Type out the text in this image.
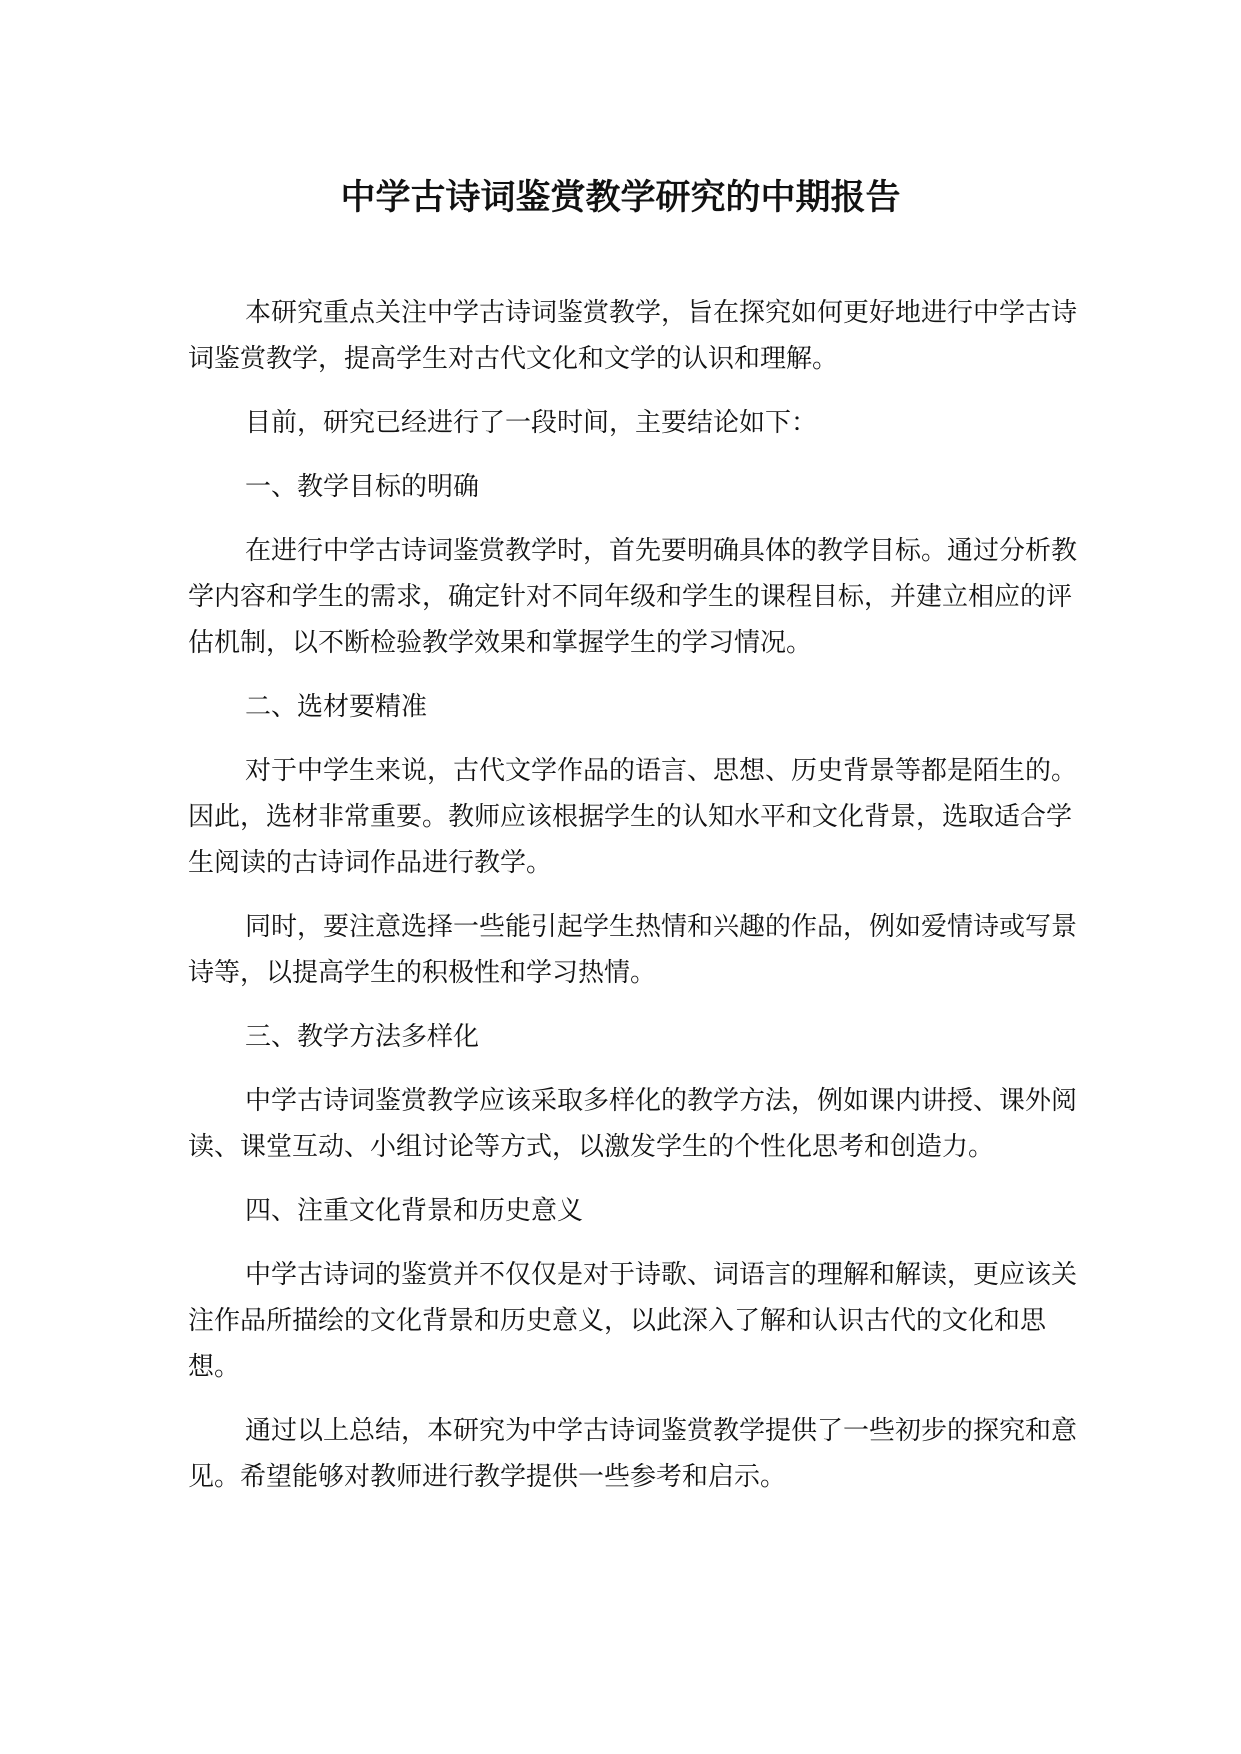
中学古诗词鉴赏教学研究的中期报告

本研究重点关注中学古诗词鉴赏教学，旨在探究如何更好地进行中学古诗词鉴赏教学，提高学生对古代文化和文学的认识和理解。

目前，研究已经进行了一段时间，主要结论如下：

一、教学目标的明确

在进行中学古诗词鉴赏教学时，首先要明确具体的教学目标。通过分析教学内容和学生的需求，确定针对不同年级和学生的课程目标，并建立相应的评估机制，以不断检验教学效果和掌握学生的学习情况。

二、选材要精准

对于中学生来说，古代文学作品的语言、思想、历史背景等都是陌生的。因此，选材非常重要。教师应该根据学生的认知水平和文化背景，选取适合学生阅读的古诗词作品进行教学。

同时，要注意选择一些能引起学生热情和兴趣的作品，例如爱情诗或写景诗等，以提高学生的积极性和学习热情。

三、教学方法多样化

中学古诗词鉴赏教学应该采取多样化的教学方法，例如课内讲授、课外阅读、课堂互动、小组讨论等方式，以激发学生的个性化思考和创造力。

四、注重文化背景和历史意义

中学古诗词的鉴赏并不仅仅是对于诗歌、词语言的理解和解读，更应该关注作品所描绘的文化背景和历史意义，以此深入了解和认识古代的文化和思想。

通过以上总结，本研究为中学古诗词鉴赏教学提供了一些初步的探究和意见。希望能够对教师进行教学提供一些参考和启示。
